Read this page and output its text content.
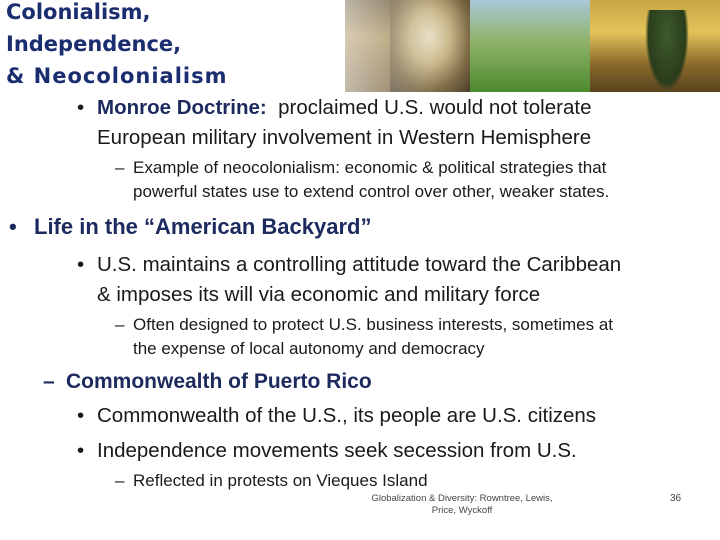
Colonialism,
Independence,
& Neocolonialism
• Monroe Doctrine: proclaimed U.S. would not tolerate
European military involvement in Western Hemisphere
– Example of neocolonialism: economic & political strategies that
powerful states use to extend control over other, weaker states.
• Life in the “American Backyard”
• U.S. maintains a controlling attitude toward the Caribbean
& imposes its will via economic and military force
– Often designed to protect U.S. business interests, sometimes at
the expense of local autonomy and democracy
– Commonwealth of Puerto Rico
• Commonwealth of the U.S., its people are U.S. citizens
• Independence movements seek secession from U.S.
– Reflected in protests on Vieques Island
Globalization & Diversity: Rowntree, Lewis,
Price, Wyckoff
36
